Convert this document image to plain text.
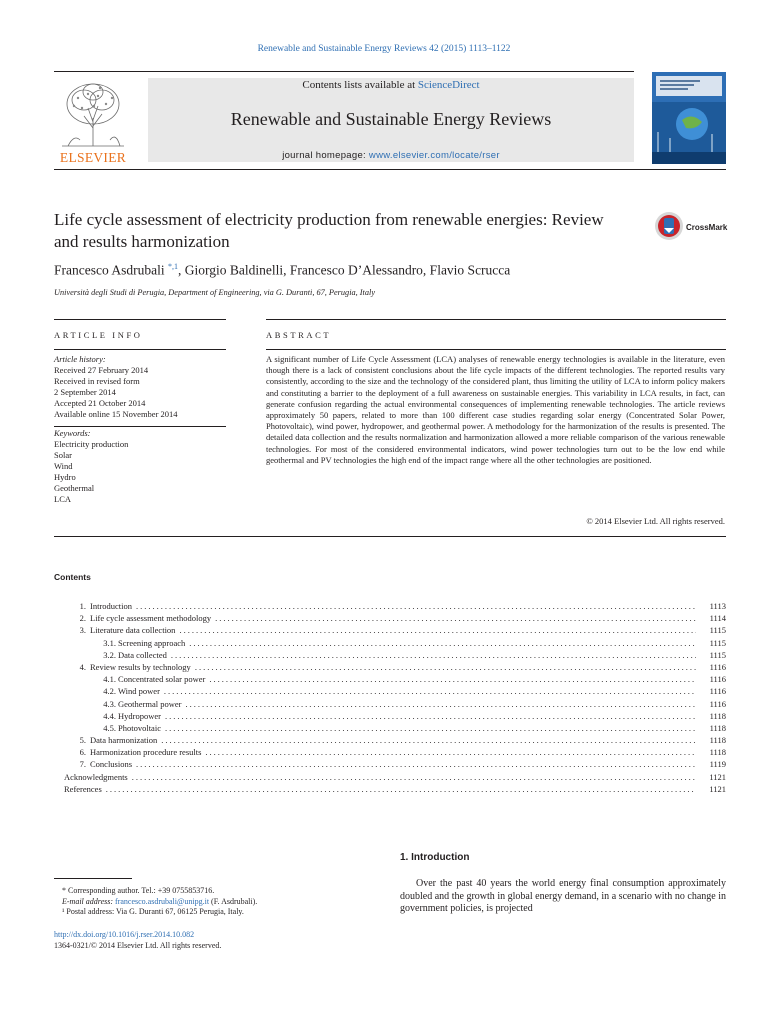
Renewable and Sustainable Energy Reviews 42 (2015) 1113–1122
ELSEVIER
Contents lists available at ScienceDirect
Renewable and Sustainable Energy Reviews
journal homepage: www.elsevier.com/locate/rser
Life cycle assessment of electricity production from renewable energies: Review and results harmonization
CrossMark
Francesco Asdrubali $^{*,1}$, Giorgio Baldinelli, Francesco D’Alessandro, Flavio Scrucca
Università degli Studi di Perugia, Department of Engineering, via G. Duranti, 67, Perugia, Italy
ARTICLE INFO	ABSTRACT
Article history:
Received 27 February 2014
Received in revised form
2 September 2014
Accepted 21 October 2014
Available online 15 November 2014
Keywords:
Electricity production
Solar
Wind
Hydro
Geothermal
LCA

A significant number of Life Cycle Assessment (LCA) analyses of renewable energy technologies is available in the literature, even though there is a lack of consistent conclusions about the life cycle impacts of the different technologies. The reported results vary consistently, according to the size and the technology of the considered plant, thus limiting the utility of LCA to inform policy makers and constituting a barrier to the deployment of a full awareness on sustainable energies. This variability in LCA results, in fact, can generate confusion regarding the actual environmental consequences of implementing renewable technologies. The article reviews approximately 50 papers, related to more than 100 different case studies regarding solar energy (Concentrated Solar Power, Photovoltaic), wind power, hydropower, and geothermal power. A methodology for the harmonization of the results is presented. The detailed data collection and the results normalization and harmonization allowed a more reliable comparison of the various renewable technologies. For most of the considered environmental indicators, wind power technologies turn out to be the low end while geothermal and PV technologies the high end of the impact range where all the other technologies are positioned.

© 2014 Elsevier Ltd. All rights reserved.
Contents
1. Introduction .....	1113
2. Life cycle assessment methodology .....	1114
3. Literature data collection .....	1115
3.1. Screening approach .....	1115
3.2. Data collected .....	1115
4. Review results by technology .....	1116
4.1. Concentrated solar power .....	1116
4.2. Wind power .....	1116
4.3. Geothermal power .....	1116
4.4. Hydropower .....	1118
4.5. Photovoltaic .....	1118
5. Data harmonization .....	1118
6. Harmonization procedure results .....	1118
7. Conclusions .....	1119
Acknowledgments .....	1121
References .....	1121
1. Introduction

Over the past 40 years the world energy final consumption approximately doubled and the growth in global energy demand, in a scenario with no change in government policies, is projected

* Corresponding author. Tel.: +39 0755853716.
E-mail address: francesco.asdrubali@unipg.it (F. Asdrubali).
¹ Postal address: Via G. Duranti 67, 06125 Perugia, Italy.
http://dx.doi.org/10.1016/j.rser.2014.10.082
1364-0321/© 2014 Elsevier Ltd. All rights reserved.
